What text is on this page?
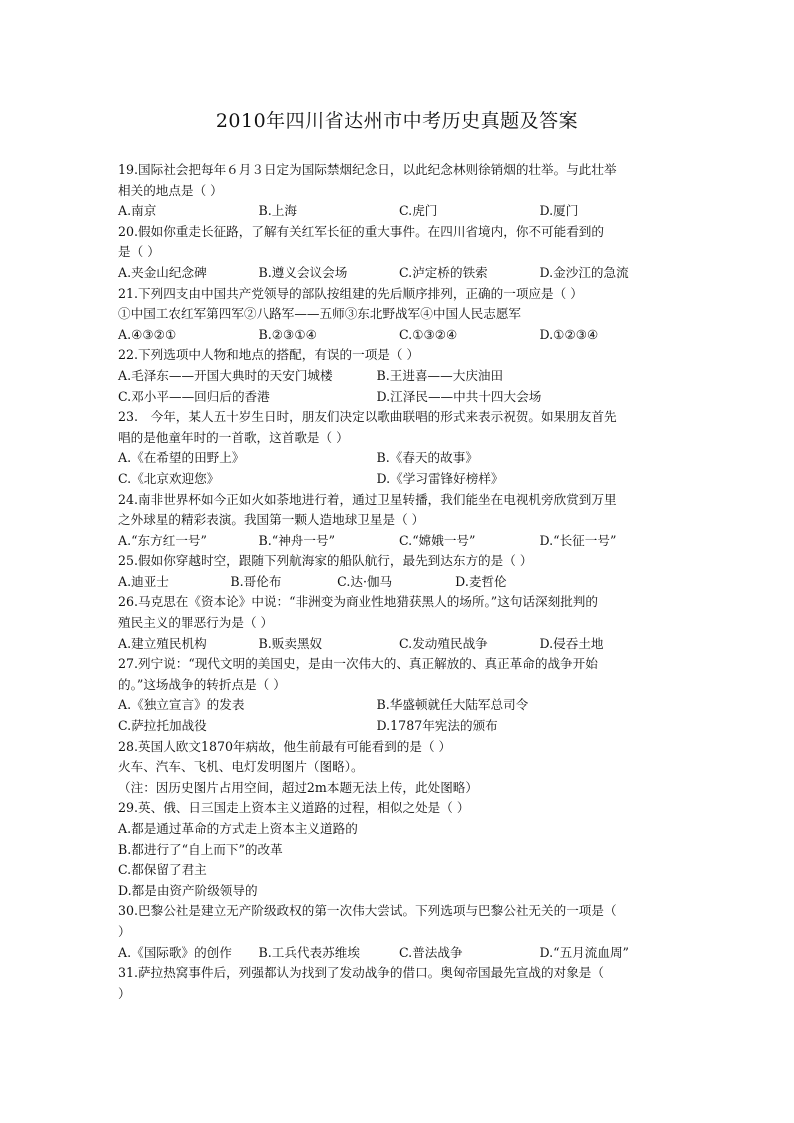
2010年四川省达州市中考历史真题及答案
19.国际社会把每年６月３日定为国际禁烟纪念日，以此纪念林则徐销烟的壮举。与此壮举
相关的地点是（ ）
A.南京	B.上海	C.虎门	D.厦门
20.假如你重走长征路，了解有关红军长征的重大事件。在四川省境内，你不可能看到的
是（ ）
A.夹金山纪念碑	B.遵义会议会场	C.泸定桥的铁索	D.金沙江的急流
21.下列四支由中国共产党领导的部队按组建的先后顺序排列，正确的一项应是（ ）
①中国工农红军第四军②八路军——五师③东北野战军④中国人民志愿军
A.④③②①	B.②③①④	C.①③②④	D.①②③④
22.下列选项中人物和地点的搭配，有误的一项是（ ）
A.毛泽东——开国大典时的天安门城楼	B.王进喜——大庆油田
C.邓小平——回归后的香港	D.江泽民——中共十四大会场
23.　今年，某人五十岁生日时，朋友们决定以歌曲联唱的形式来表示祝贺。如果朋友首先
唱的是他童年时的一首歌，这首歌是（ ）
A.《在希望的田野上》	B.《春天的故事》
C.《北京欢迎您》	D.《学习雷锋好榜样》
24.南非世界杯如今正如火如荼地进行着，通过卫星转播，我们能坐在电视机旁欣赏到万里
之外球星的精彩表演。我国第一颗人造地球卫星是（ ）
A.“东方红一号”	B.“神舟一号”	C.“嫦娥一号”	D.“长征一号”
25.假如你穿越时空，跟随下列航海家的船队航行，最先到达东方的是（ ）
A.迪亚士	B.哥伦布	C.达·伽马	D.麦哲伦
26.马克思在《资本论》中说：“非洲变为商业性地猎获黑人的场所。”这句话深刻批判的
殖民主义的罪恶行为是（ ）
A.建立殖民机构	B.贩卖黑奴	C.发动殖民战争	D.侵吞土地
27.列宁说：“现代文明的美国史，是由一次伟大的、真正解放的、真正革命的战争开始
的。”这场战争的转折点是（ ）
A.《独立宣言》的发表	B.华盛顿就任大陆军总司令
C.萨拉托加战役	D.1787年宪法的颁布
28.英国人欧文1870年病故，他生前最有可能看到的是（ ）
火车、汽车、飞机、电灯发明图片（图略）。
（注：因历史图片占用空间，超过2m本题无法上传，此处图略）
29.英、俄、日三国走上资本主义道路的过程，相似之处是（ ）
A.都是通过革命的方式走上资本主义道路的
B.都进行了“自上而下”的改革
C.都保留了君主
D.都是由资产阶级领导的
30.巴黎公社是建立无产阶级政权的第一次伟大尝试。下列选项与巴黎公社无关的一项是（
）
A.《国际歌》的创作	B.工兵代表苏维埃	C.普法战争	D.“五月流血周”
31.萨拉热窝事件后，列强都认为找到了发动战争的借口。奥匈帝国最先宣战的对象是（
）
